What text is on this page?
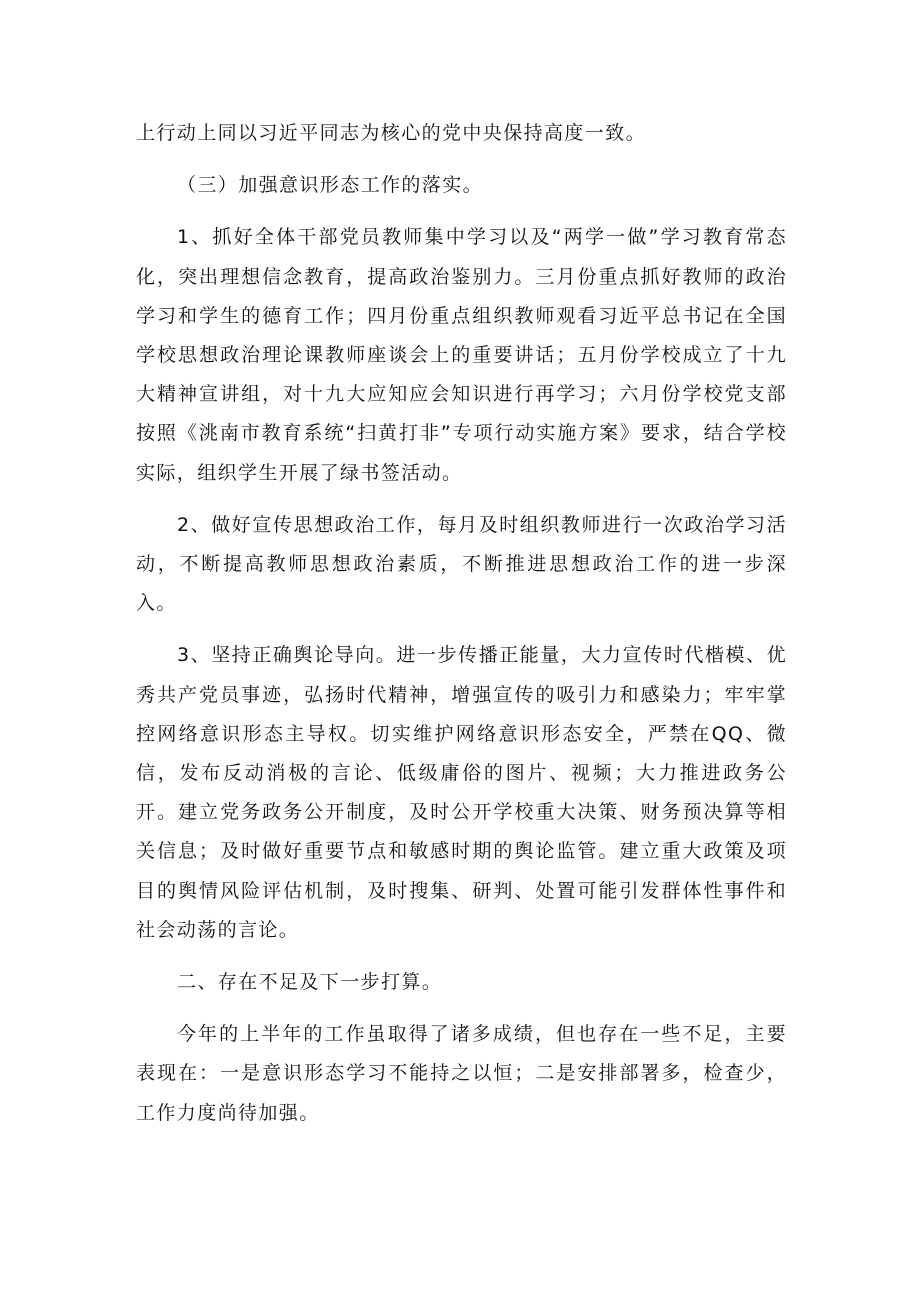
上行动上同以习近平同志为核心的党中央保持高度一致。

（三）加强意识形态工作的落实。

1、抓好全体干部党员教师集中学习以及“两学一做”学习教育常态化，突出理想信念教育，提高政治鉴别力。三月份重点抓好教师的政治学习和学生的德育工作；四月份重点组织教师观看习近平总书记在全国学校思想政治理论课教师座谈会上的重要讲话；五月份学校成立了十九大精神宣讲组，对十九大应知应会知识进行再学习；六月份学校党支部按照《洮南市教育系统“扫黄打非”专项行动实施方案》要求，结合学校实际，组织学生开展了绿书签活动。

2、做好宣传思想政治工作，每月及时组织教师进行一次政治学习活动，不断提高教师思想政治素质，不断推进思想政治工作的进一步深入。

3、坚持正确舆论导向。进一步传播正能量，大力宣传时代楷模、优秀共产党员事迹，弘扬时代精神，增强宣传的吸引力和感染力；牢牢掌控网络意识形态主导权。切实维护网络意识形态安全，严禁在QQ、微信，发布反动消极的言论、低级庸俗的图片、视频；大力推进政务公开。建立党务政务公开制度，及时公开学校重大决策、财务预决算等相关信息；及时做好重要节点和敏感时期的舆论监管。建立重大政策及项目的舆情风险评估机制，及时搜集、研判、处置可能引发群体性事件和社会动荡的言论。

二、存在不足及下一步打算。

今年的上半年的工作虽取得了诸多成绩，但也存在一些不足，主要表现在：一是意识形态学习不能持之以恒；二是安排部署多，检查少，工作力度尚待加强。
